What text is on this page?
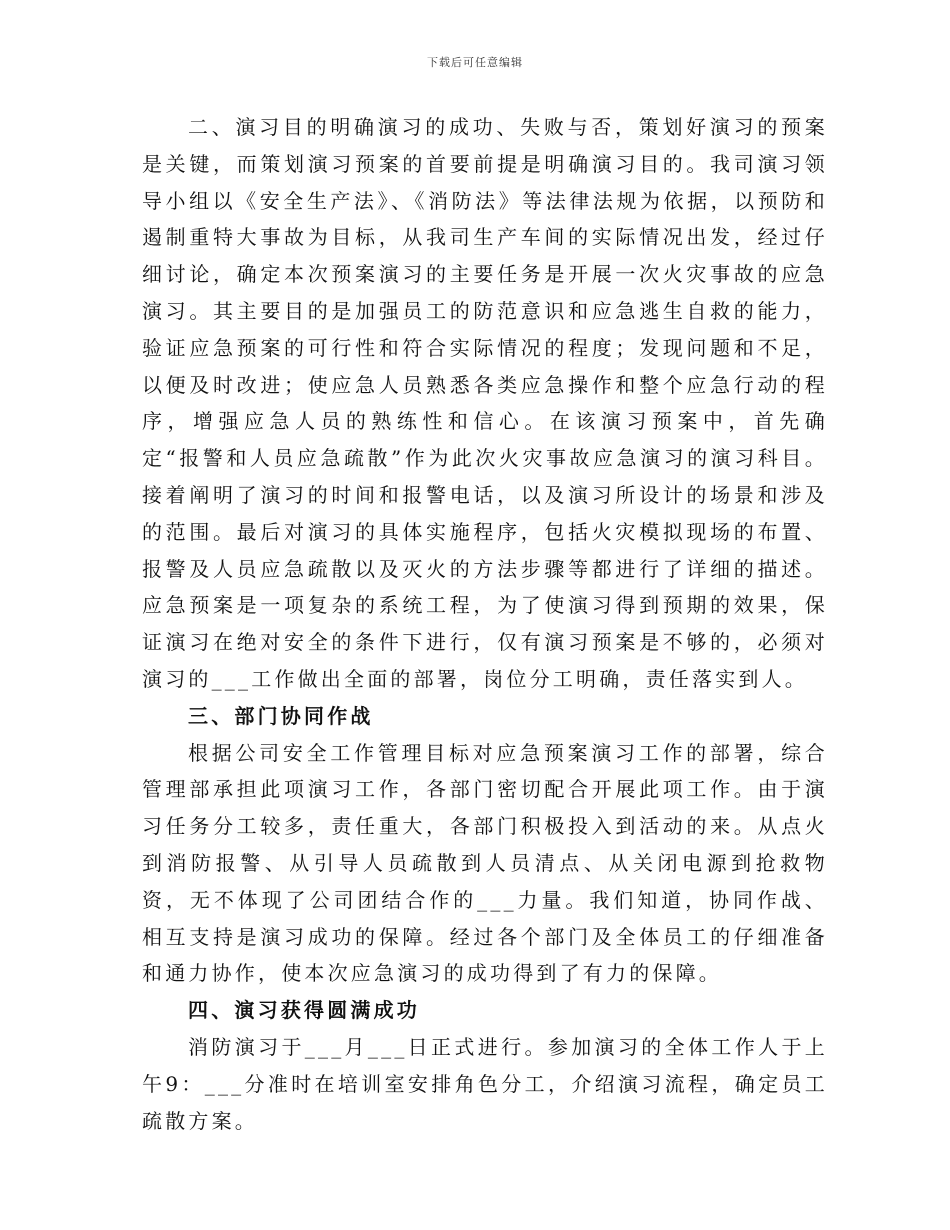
下载后可任意编辑

二、演习目的明确演习的成功、失败与否，策划好演习的预案是关键，而策划演习预案的首要前提是明确演习目的。我司演习领导小组以《安全生产法》、《消防法》等法律法规为依据，以预防和遏制重特大事故为目标，从我司生产车间的实际情况出发，经过仔细讨论，确定本次预案演习的主要任务是开展一次火灾事故的应急演习。其主要目的是加强员工的防范意识和应急逃生自救的能力，验证应急预案的可行性和符合实际情况的程度；发现问题和不足，以便及时改进；使应急人员熟悉各类应急操作和整个应急行动的程序，增强应急人员的熟练性和信心。在该演习预案中，首先确定“报警和人员应急疏散”作为此次火灾事故应急演习的演习科目。接着阐明了演习的时间和报警电话，以及演习所设计的场景和涉及的范围。最后对演习的具体实施程序，包括火灾模拟现场的布置、报警及人员应急疏散以及灭火的方法步骤等都进行了详细的描述。应急预案是一项复杂的系统工程，为了使演习得到预期的效果，保证演习在绝对安全的条件下进行，仅有演习预案是不够的，必须对演习的___工作做出全面的部署，岗位分工明确，责任落实到人。

三、部门协同作战

根据公司安全工作管理目标对应急预案演习工作的部署，综合管理部承担此项演习工作，各部门密切配合开展此项工作。由于演习任务分工较多，责任重大，各部门积极投入到活动的来。从点火到消防报警、从引导人员疏散到人员清点、从关闭电源到抢救物资，无不体现了公司团结合作的___力量。我们知道，协同作战、相互支持是演习成功的保障。经过各个部门及全体员工的仔细准备和通力协作，使本次应急演习的成功得到了有力的保障。

四、演习获得圆满成功

消防演习于___月___日正式进行。参加演习的全体工作人于上午9：___分准时在培训室安排角色分工，介绍演习流程，确定员工疏散方案。
